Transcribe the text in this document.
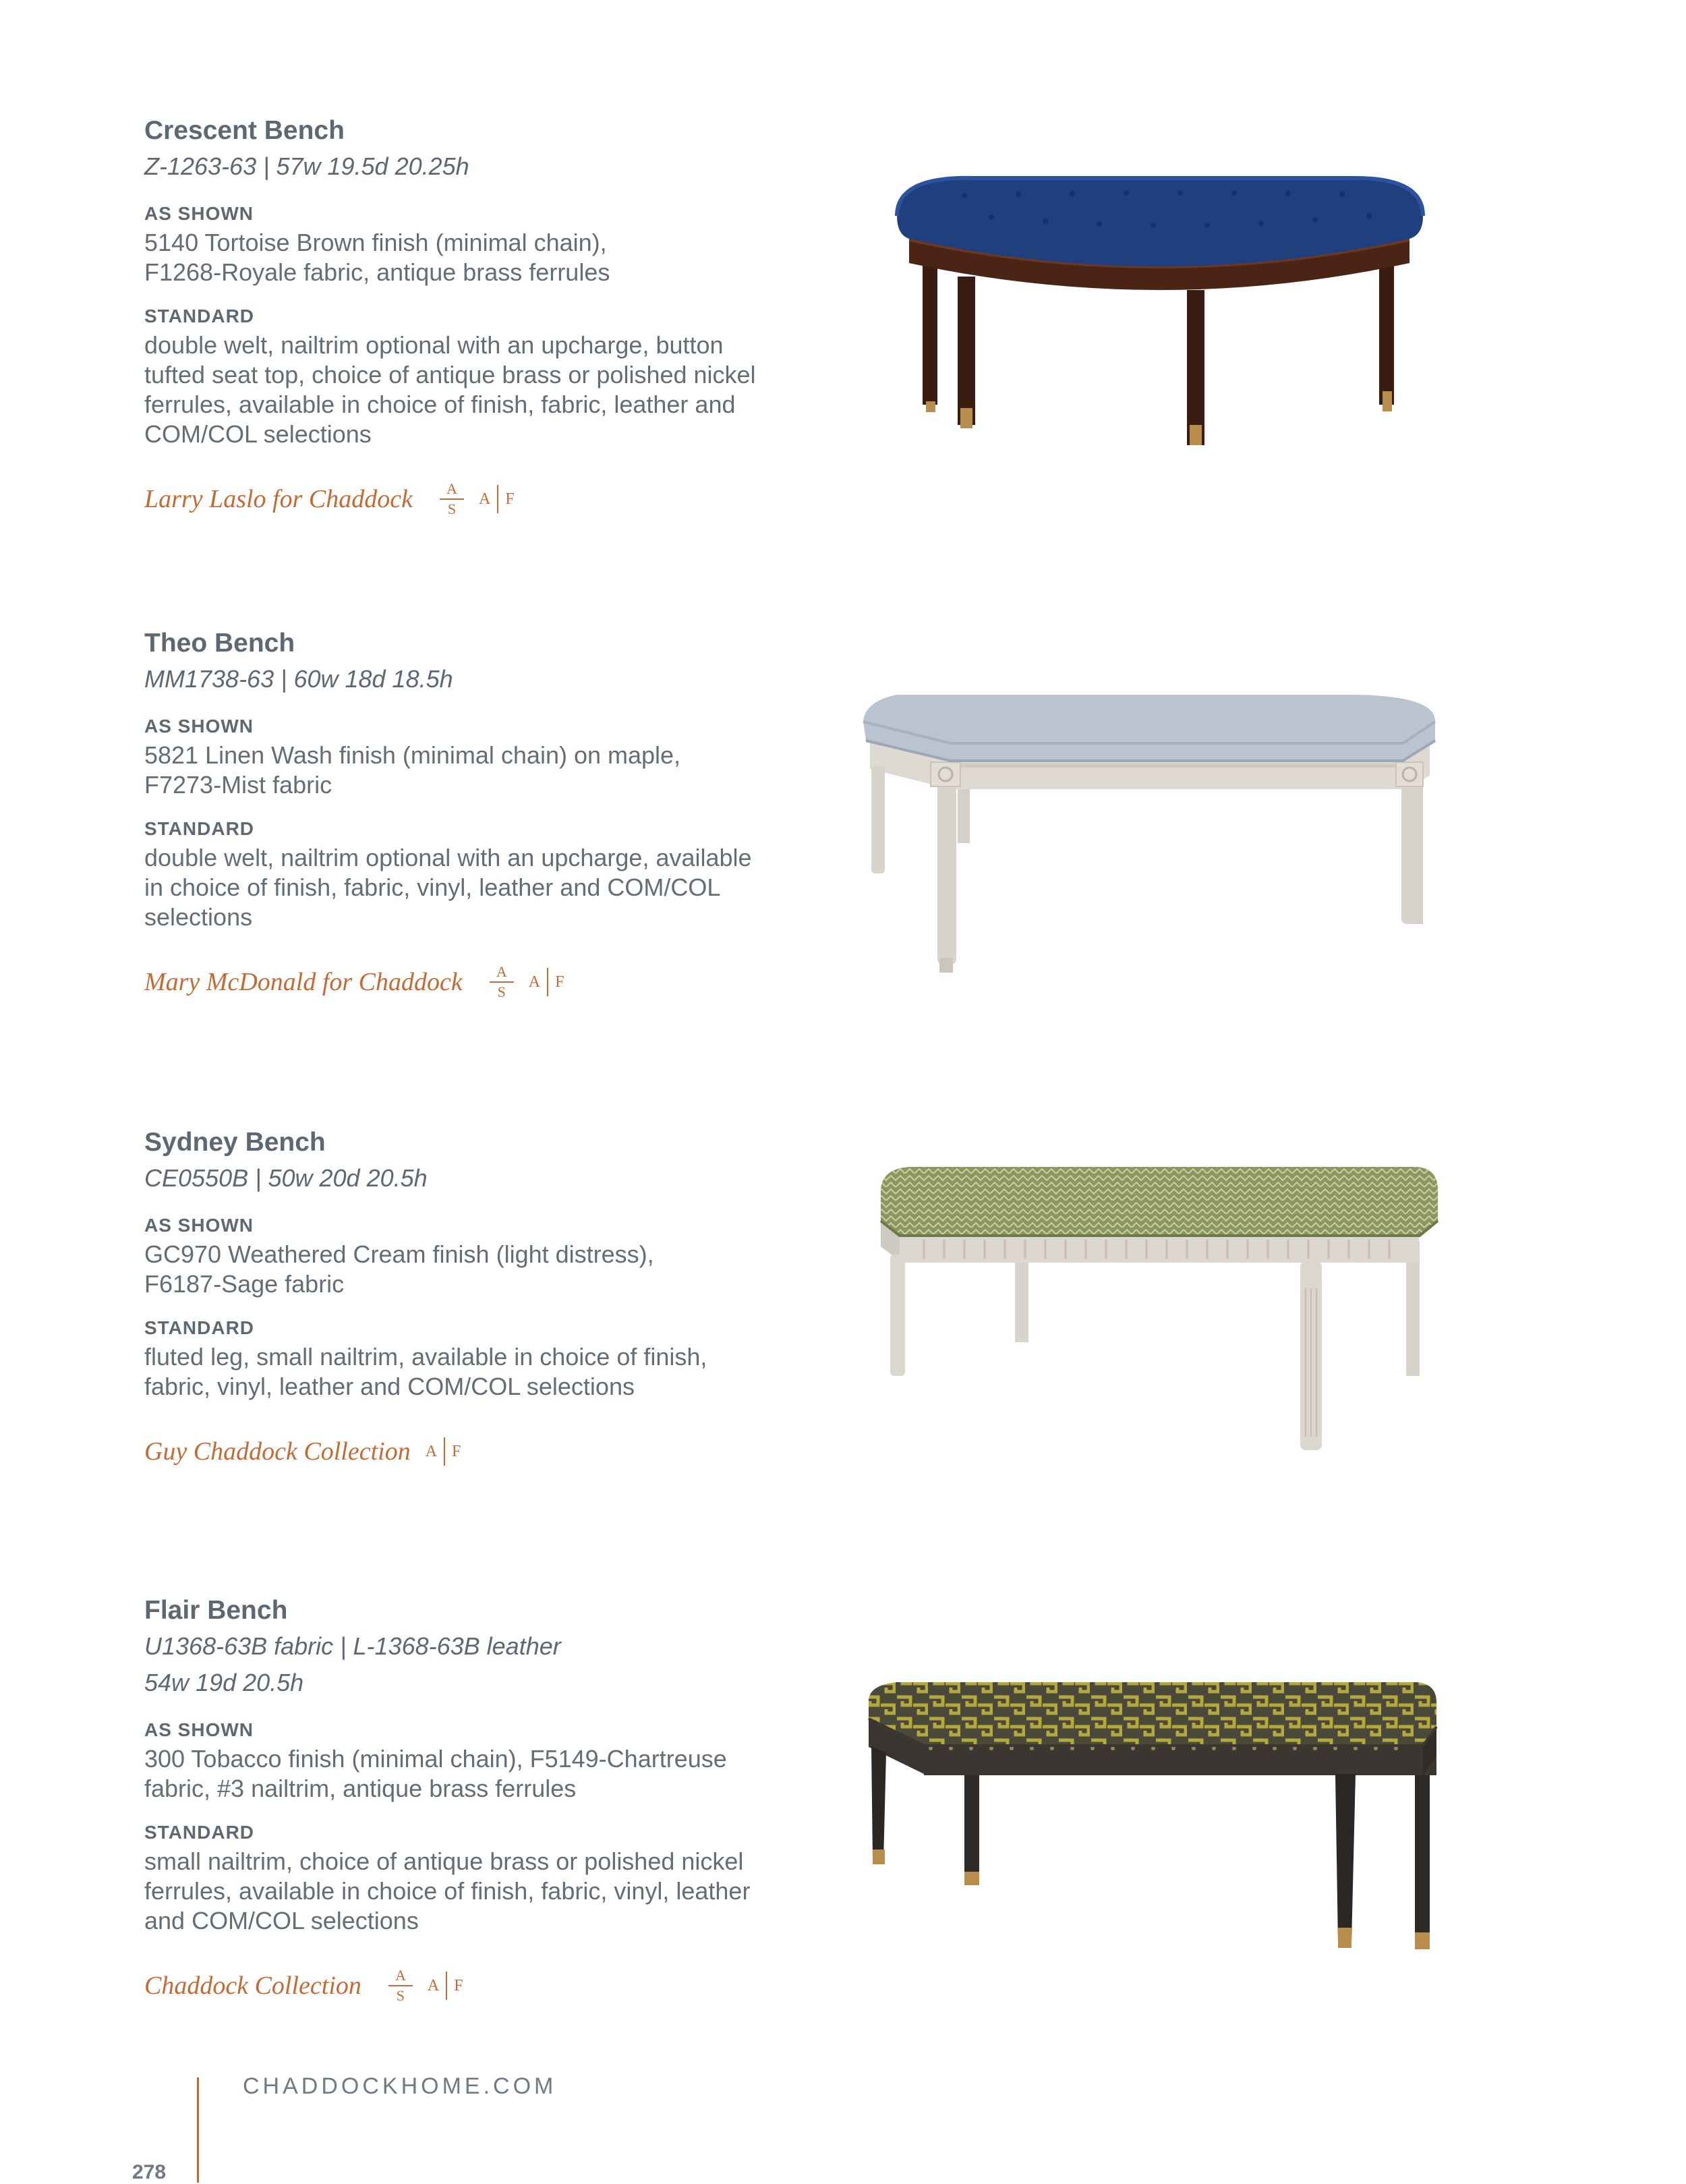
Crescent Bench

Z-1263-63 | 57w 19.5d 20.25h

AS SHOWN

5140 Tortoise Brown finish (minimal chain),

F1268-Royale fabric, antique brass ferrules

STANDARD

double welt, nailtrim optional with an upcharge, button

tufted seat top, choice of antique brass or polished nickel

ferrules, available in choice of finish, fabric, leather and

COM/COL selections

Larry Laslo for Chaddock A
S
A F
Theo Bench

MM1738-63 | 60w 18d 18.5h

AS SHOWN

5821 Linen Wash finish (minimal chain) on maple,

F7273-Mist fabric

STANDARD

double welt, nailtrim optional with an upcharge, available

in choice of finish, fabric, vinyl, leather and COM/COL

selections

Mary McDonald for Chaddock A
S
A F
Sydney Bench

CE0550B | 50w 20d 20.5h

AS SHOWN

GC970 Weathered Cream finish (light distress),

F6187-Sage fabric

STANDARD

fluted leg, small nailtrim, available in choice of finish,

fabric, vinyl, leather and COM/COL selections

Guy Chaddock Collection A F
Flair Bench

U1368-63B fabric | L-1368-63B leather

54w 19d 20.5h

AS SHOWN

300 Tobacco finish (minimal chain), F5149-Chartreuse

fabric, #3 nailtrim, antique brass ferrules

STANDARD

small nailtrim, choice of antique brass or polished nickel

ferrules, available in choice of finish, fabric, vinyl, leather

and COM/COL selections

Chaddock Collection A
S
A F
CHADDOCKHOME.COM
278
